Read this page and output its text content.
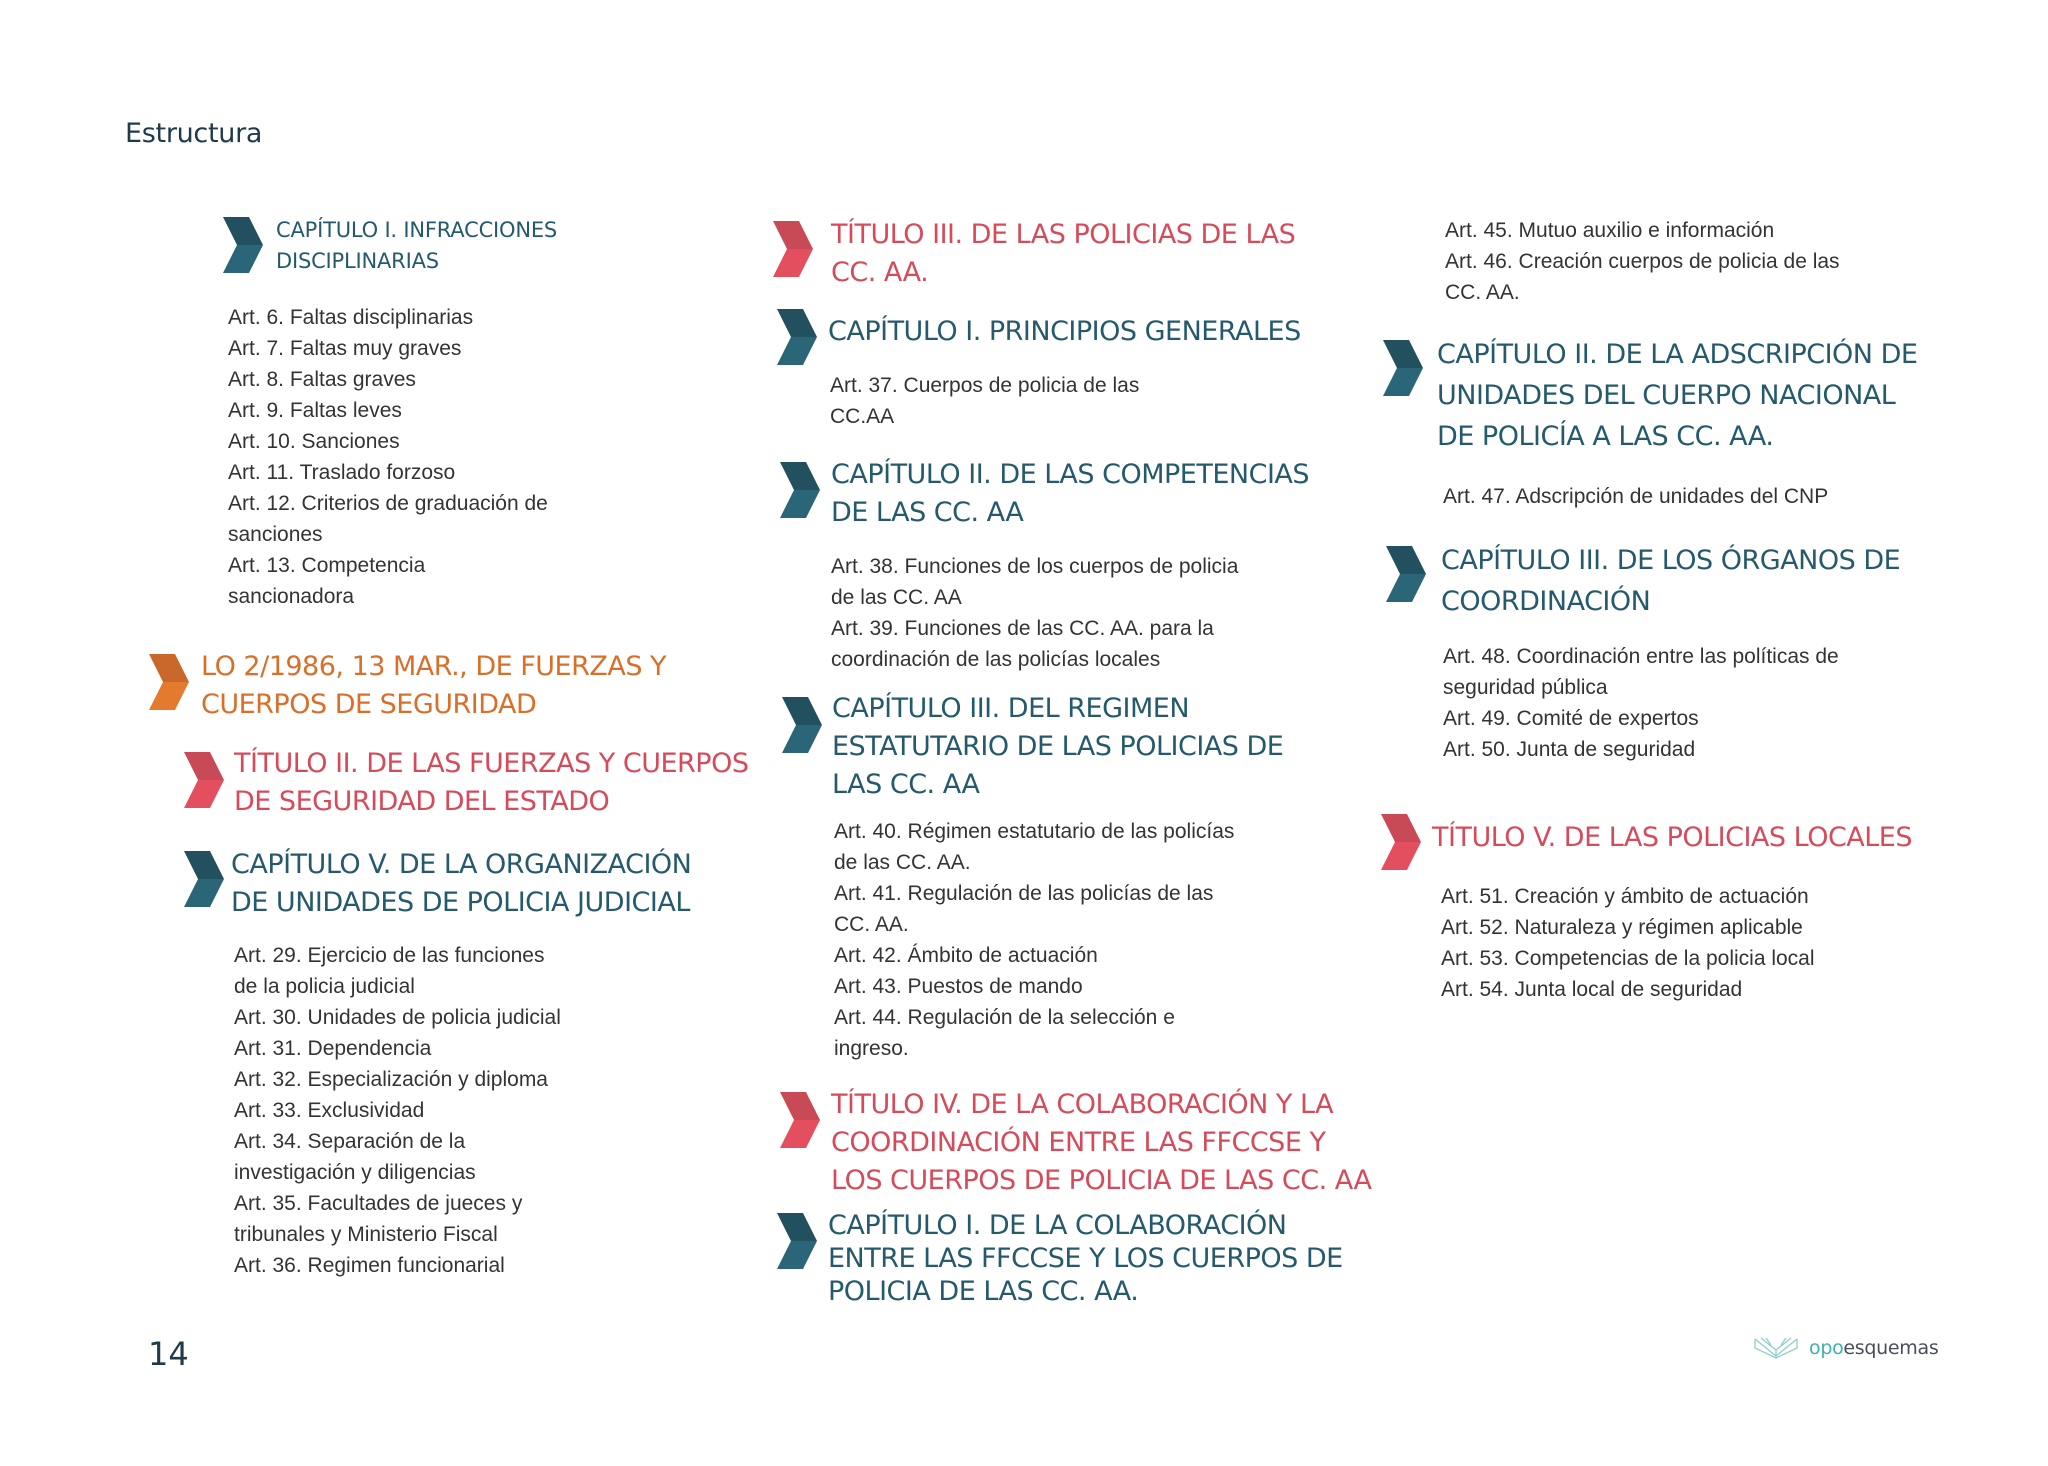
Estructura
CAPÍTULO I. INFRACCIONES
DISCIPLINARIAS
Art. 6. Faltas disciplinarias
Art. 7. Faltas muy graves
Art. 8. Faltas graves
Art. 9. Faltas leves
Art. 10. Sanciones
Art. 11. Traslado forzoso
Art. 12. Criterios de graduación de
sanciones
Art. 13. Competencia
sancionadora
LO 2/1986, 13 MAR., DE FUERZAS Y
CUERPOS DE SEGURIDAD
TÍTULO II. DE LAS FUERZAS Y CUERPOS
DE SEGURIDAD DEL ESTADO
CAPÍTULO V. DE LA ORGANIZACIÓN
DE UNIDADES DE POLICIA JUDICIAL
Art. 29. Ejercicio de las funciones
de la policia judicial
Art. 30. Unidades de policia judicial
Art. 31. Dependencia
Art. 32. Especialización y diploma
Art. 33. Exclusividad
Art. 34. Separación de la
investigación y diligencias
Art. 35. Facultades de jueces y
tribunales y Ministerio Fiscal
Art. 36. Regimen funcionarial
TÍTULO III. DE LAS POLICIAS DE LAS
CC. AA.
CAPÍTULO I. PRINCIPIOS GENERALES
Art. 37. Cuerpos de policia de las
CC.AA
CAPÍTULO II. DE LAS COMPETENCIAS
DE LAS CC. AA
Art. 38. Funciones de los cuerpos de policia
de las CC. AA
Art. 39. Funciones de las CC. AA. para la
coordinación de las policías locales
CAPÍTULO III. DEL REGIMEN
ESTATUTARIO DE LAS POLICIAS DE
LAS CC. AA
Art. 40. Régimen estatutario de las policías
de las CC. AA.
Art. 41. Regulación de las policías de las
CC. AA.
Art. 42. Ámbito de actuación
Art. 43. Puestos de mando
Art. 44. Regulación de la selección e
ingreso.
TÍTULO IV. DE LA COLABORACIÓN Y LA
COORDINACIÓN ENTRE LAS FFCCSE Y
LOS CUERPOS DE POLICIA DE LAS CC. AA
CAPÍTULO I. DE LA COLABORACIÓN
ENTRE LAS FFCCSE Y LOS CUERPOS DE
POLICIA DE LAS CC. AA.
Art. 45. Mutuo auxilio e información
Art. 46. Creación cuerpos de policia de las
CC. AA.
CAPÍTULO II. DE LA ADSCRIPCIÓN DE
UNIDADES DEL CUERPO NACIONAL
DE POLICÍA A LAS CC. AA.
Art. 47. Adscripción de unidades del CNP
CAPÍTULO III. DE LOS ÓRGANOS DE
COORDINACIÓN
Art. 48. Coordinación entre las políticas de
seguridad pública
Art. 49. Comité de expertos
Art. 50. Junta de seguridad
TÍTULO V. DE LAS POLICIAS LOCALES
Art. 51. Creación y ámbito de actuación
Art. 52. Naturaleza y régimen aplicable
Art. 53. Competencias de la policia local
Art. 54. Junta local de seguridad
14	opoesquemas
